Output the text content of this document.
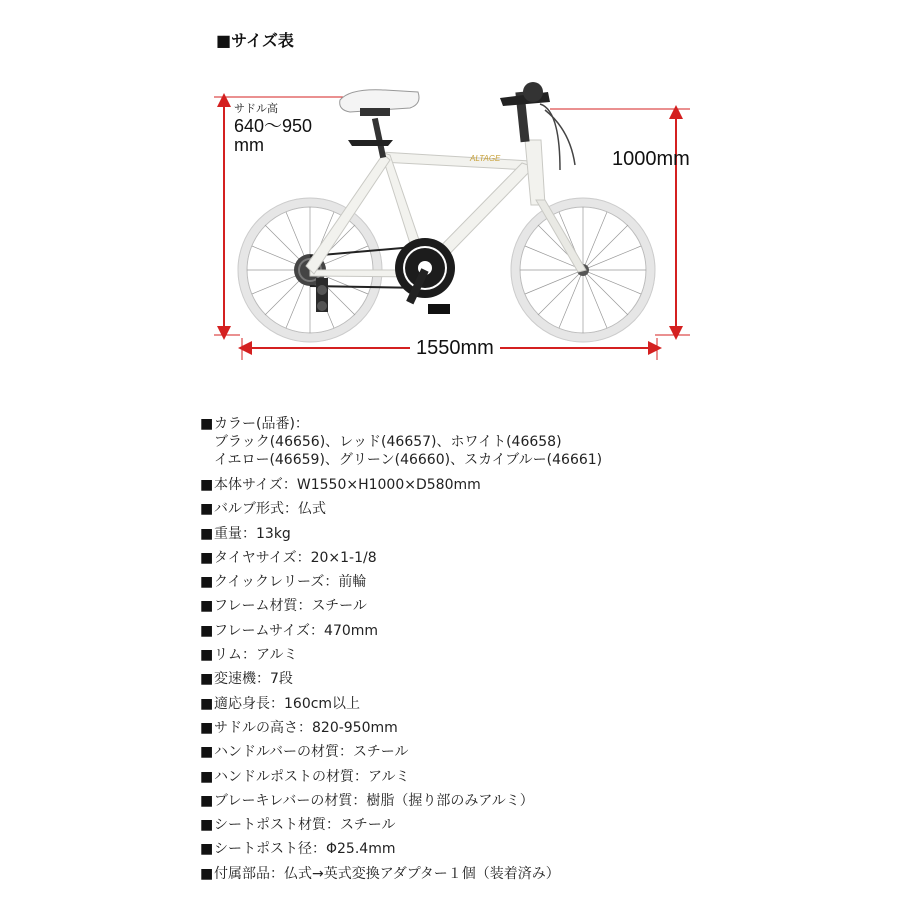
■サイズ表
ALTAGE
サドル高
640〜950
mm
1000mm
1550mm
■カラー(品番)：
ブラック(46656)、レッド(46657)、ホワイト(46658)
イエロー(46659)、グリーン(46660)、スカイブルー(46661)
■本体サイズ：W1550×H1000×D580mm
■バルブ形式：仏式
■重量：13kg
■タイヤサイズ：20×1-1/8
■クイックレリーズ：前輪
■フレーム材質：スチール
■フレームサイズ：470mm
■リム：アルミ
■変速機：7段
■適応身長：160cm以上
■サドルの高さ：820-950mm
■ハンドルバーの材質：スチール
■ハンドルポストの材質：アルミ
■ブレーキレバーの材質：樹脂（握り部のみアルミ）
■シートポスト材質：スチール
■シートポスト径：Φ25.4mm
■付属部品：仏式→英式変換アダプター１個（装着済み）
